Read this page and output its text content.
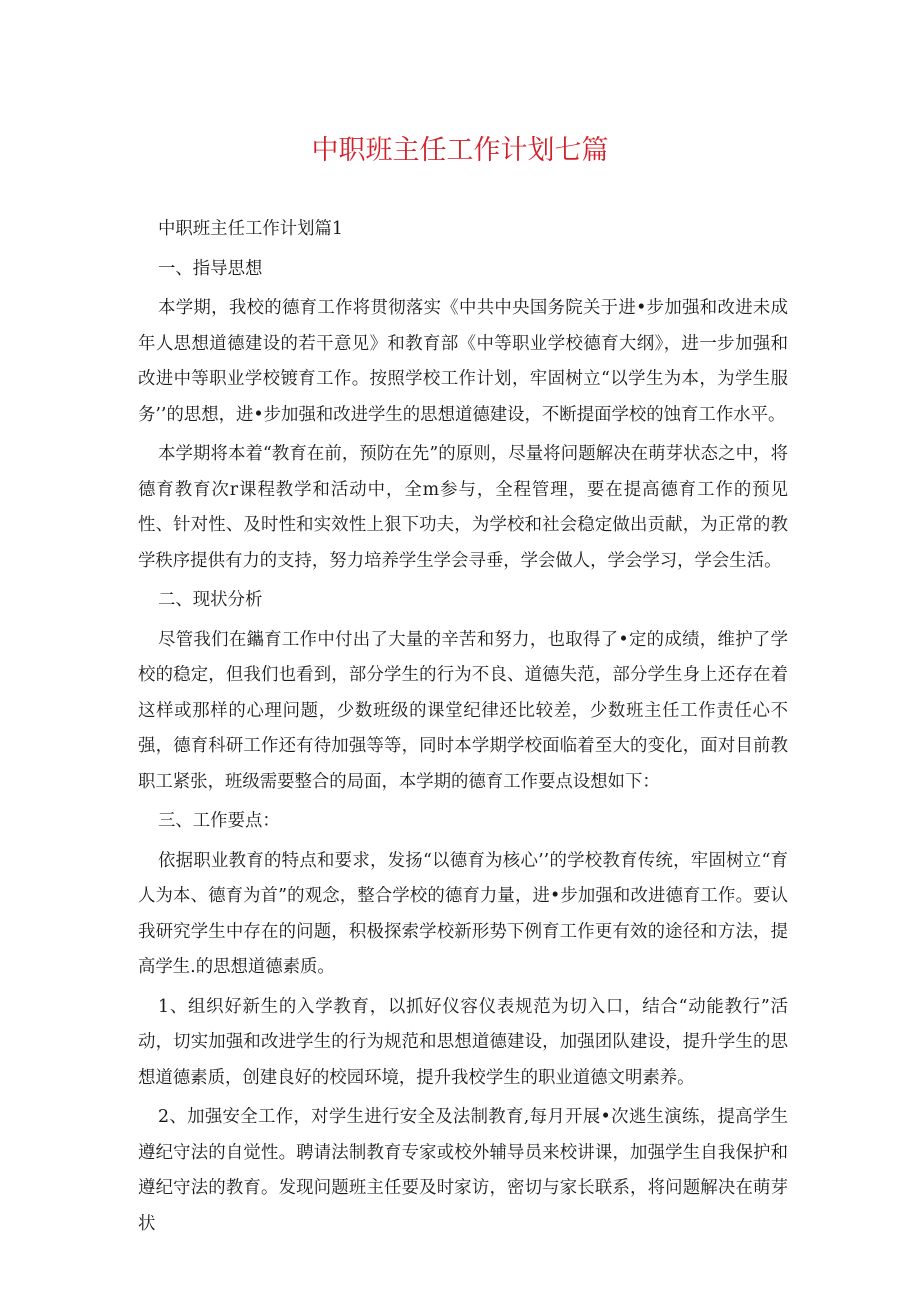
中职班主任工作计划七篇

中职班主任工作计划篇1

一、指导思想

本学期，我校的德育工作将贯彻落实《中共中央国务院关于进•步加强和改进未成年人思想道德建设的若干意见》和教育部《中等职业学校德育大纲》，进一步加强和改进中等职业学校镀育工作。按照学校工作计划，牢固树立“以学生为本，为学生服务’’的思想，进•步加强和改进学生的思想道德建设，不断提面学校的蚀育工作水平。

本学期将本着“教育在前，预防在先”的原则，尽量将问题解决在萌芽状态之中，将德育教育次r课程教学和活动中，全m参与，全程管理，要在提高德育工作的预见性、针对性、及时性和实效性上狠下功夫，为学校和社会稳定做出贡献，为正常的教学秩序提供有力的支持，努力培养学生学会寻垂，学会做人，学会学习，学会生活。

二、现状分析

尽管我们在鑴育工作中付出了大量的辛苦和努力，也取得了•定的成绩，维护了学校的稳定，但我们也看到，部分学生的行为不良、道德失范，部分学生身上还存在着这样或那样的心理问题，少数班级的课堂纪律还比较差，少数班主任工作责任心不强，德育科研工作还有待加强等等，同时本学期学校面临着至大的变化，面对目前教职工紧张，班级需要整合的局面，本学期的德育工作要点设想如下：

三、工作要点：

依据职业教育的特点和要求，发扬“以德育为核心’’的学校教育传统，牢固树立“育人为本、德育为首”的观念，整合学校的德育力量，进•步加强和改进德育工作。要认我研究学生中存在的问题，积极探索学校新形势下例育工作更有效的途径和方法，提高学生.的思想道德素质。

1、组织好新生的入学教育，以抓好仪容仪表规范为切入口，结合“动能教行”活动，切实加强和改进学生的行为规范和思想道德建设，加强团队建设，提升学生的思想道德素质，创建良好的校园环境，提升我校学生的职业道德文明素养。

2、加强安全工作，对学生进行安全及法制教育,每月开展•次逃生演练，提高学生遵纪守法的自觉性。聘请法制教育专家或校外辅导员来校讲课，加强学生自我保护和遵纪守法的教育。发现问题班主任要及时家访，密切与家长联系，将问题解决在萌芽状
